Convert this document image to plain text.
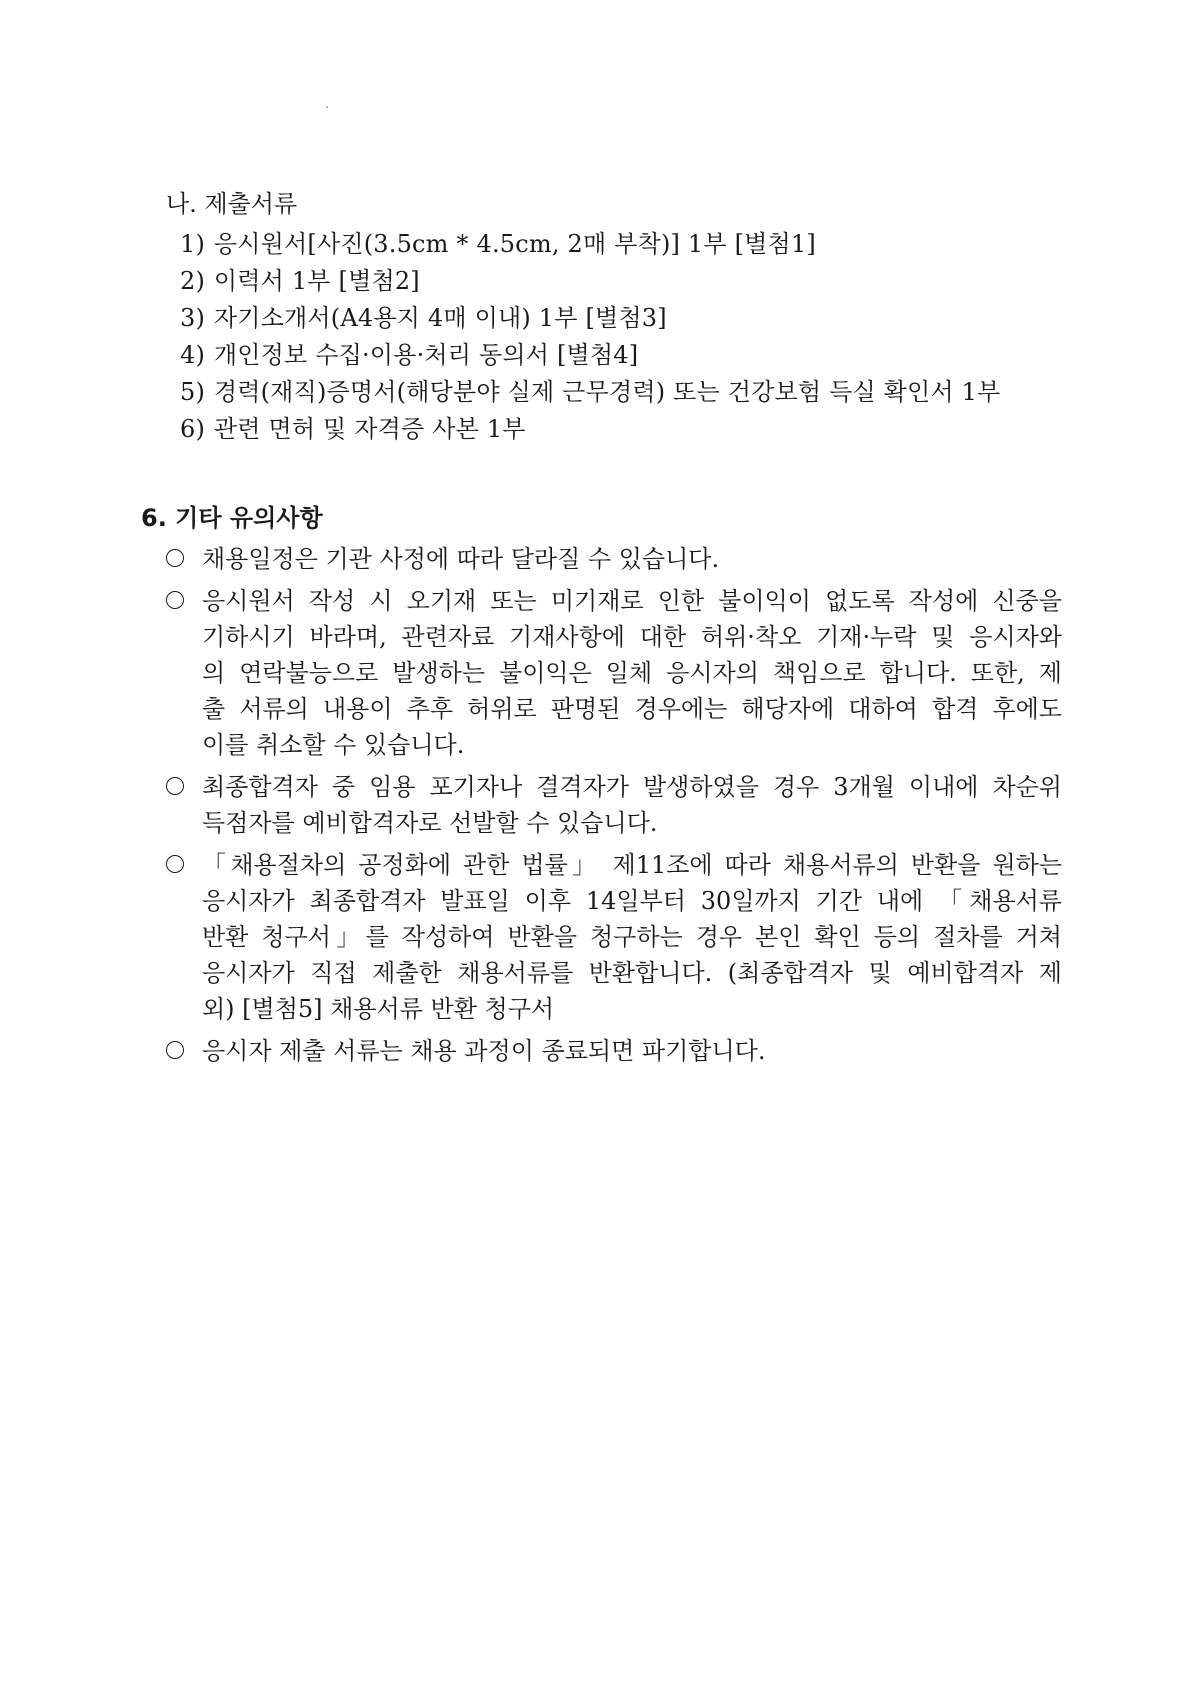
나. 제출서류
1) 응시원서[사진(3.5cm * 4.5cm, 2매 부착)] 1부 [별첨1]
2) 이력서 1부 [별첨2]
3) 자기소개서(A4용지 4매 이내) 1부 [별첨3]
4) 개인정보 수집·이용·처리 동의서 [별첨4]
5) 경력(재직)증명서(해당분야 실제 근무경력) 또는 건강보험 득실 확인서 1부
6) 관련 면허 및 자격증 사본 1부
6. 기타 유의사항
채용일정은 기관 사정에 따라 달라질 수 있습니다.
응시원서 작성 시 오기재 또는 미기재로 인한 불이익이 없도록 작성에 신중을
기하시기 바라며, 관련자료 기재사항에 대한 허위·착오 기재·누락 및 응시자와
의 연락불능으로 발생하는 불이익은 일체 응시자의 책임으로 합니다. 또한, 제
출 서류의 내용이 추후 허위로 판명된 경우에는 해당자에 대하여 합격 후에도
이를 취소할 수 있습니다.
최종합격자 중 임용 포기자나 결격자가 발생하였을 경우 3개월 이내에 차순위
득점자를 예비합격자로 선발할 수 있습니다.
「채용절차의 공정화에 관한 법률」 제11조에 따라 채용서류의 반환을 원하는
응시자가 최종합격자 발표일 이후 14일부터 30일까지 기간 내에 「채용서류
반환 청구서」를 작성하여 반환을 청구하는 경우 본인 확인 등의 절차를 거쳐
응시자가 직접 제출한 채용서류를 반환합니다. (최종합격자 및 예비합격자 제
외) [별첨5] 채용서류 반환 청구서
응시자 제출 서류는 채용 과정이 종료되면 파기합니다.
